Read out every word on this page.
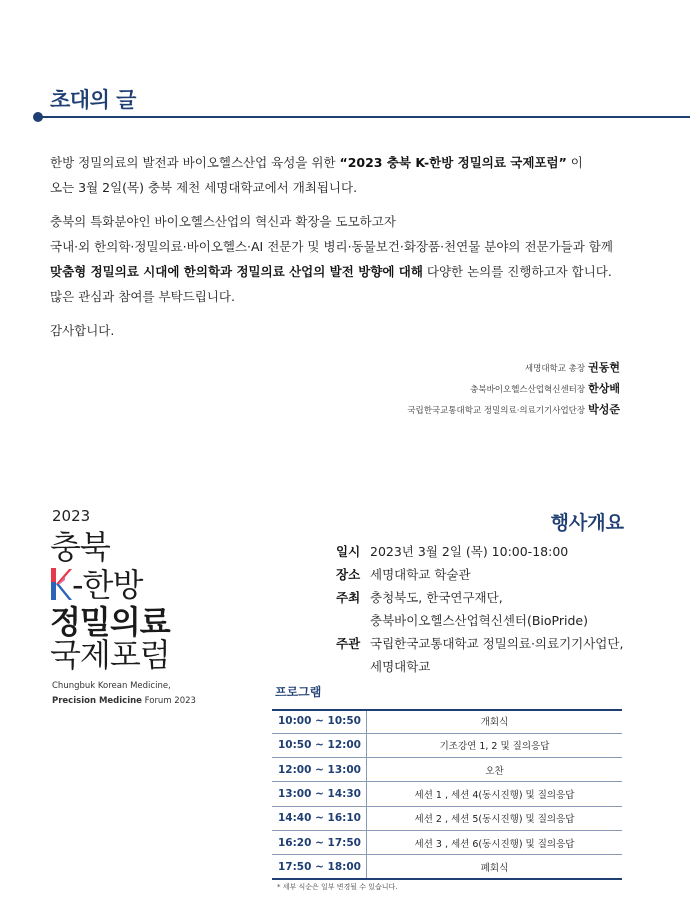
초대의 글
한방 정밀의료의 발전과 바이오헬스산업 육성을 위한 “2023 충북 K-한방 정밀의료 국제포럼” 이
오는 3월 2일(목) 충북 제천 세명대학교에서 개최됩니다.
충북의 특화분야인 바이오헬스산업의 혁신과 확장을 도모하고자
국내·외 한의학·정밀의료·바이오헬스·AI 전문가 및 병리·동물보건·화장품·천연물 분야의 전문가들과 함께
맞춤형 정밀의료 시대에 한의학과 정밀의료 산업의 발전 방향에 대해 다양한 논의를 진행하고자 합니다.
많은 관심과 참여를 부탁드립니다.
감사합니다.
세명대학교 총장 권동현
충북바이오헬스산업혁신센터장 한상배
국립한국교통대학교 정밀의료·의료기기사업단장 박성준
2023
충북
-한방
정밀의료
국제포럼
Chungbuk Korean Medicine,
Precision Medicine Forum 2023
행사개요
일시 2023년 3월 2일 (목) 10:00-18:00
장소 세명대학교 학술관
주최 충청북도, 한국연구재단,
충북바이오헬스산업혁신센터(BioPride)
주관 국립한국교통대학교 정밀의료·의료기기사업단,
세명대학교
프로그램
10:00 ~ 10:50	개회식
10:50 ~ 12:00	기조강연 1, 2 및 질의응답
12:00 ~ 13:00	오찬
13:00 ~ 14:30	세션 1 , 세션 4(동시진행) 및 질의응답
14:40 ~ 16:10	세션 2 , 세션 5(동시진행) 및 질의응답
16:20 ~ 17:50	세션 3 , 세션 6(동시진행) 및 질의응답
17:50 ~ 18:00	폐회식
* 세부 식순은 일부 변경될 수 있습니다.
